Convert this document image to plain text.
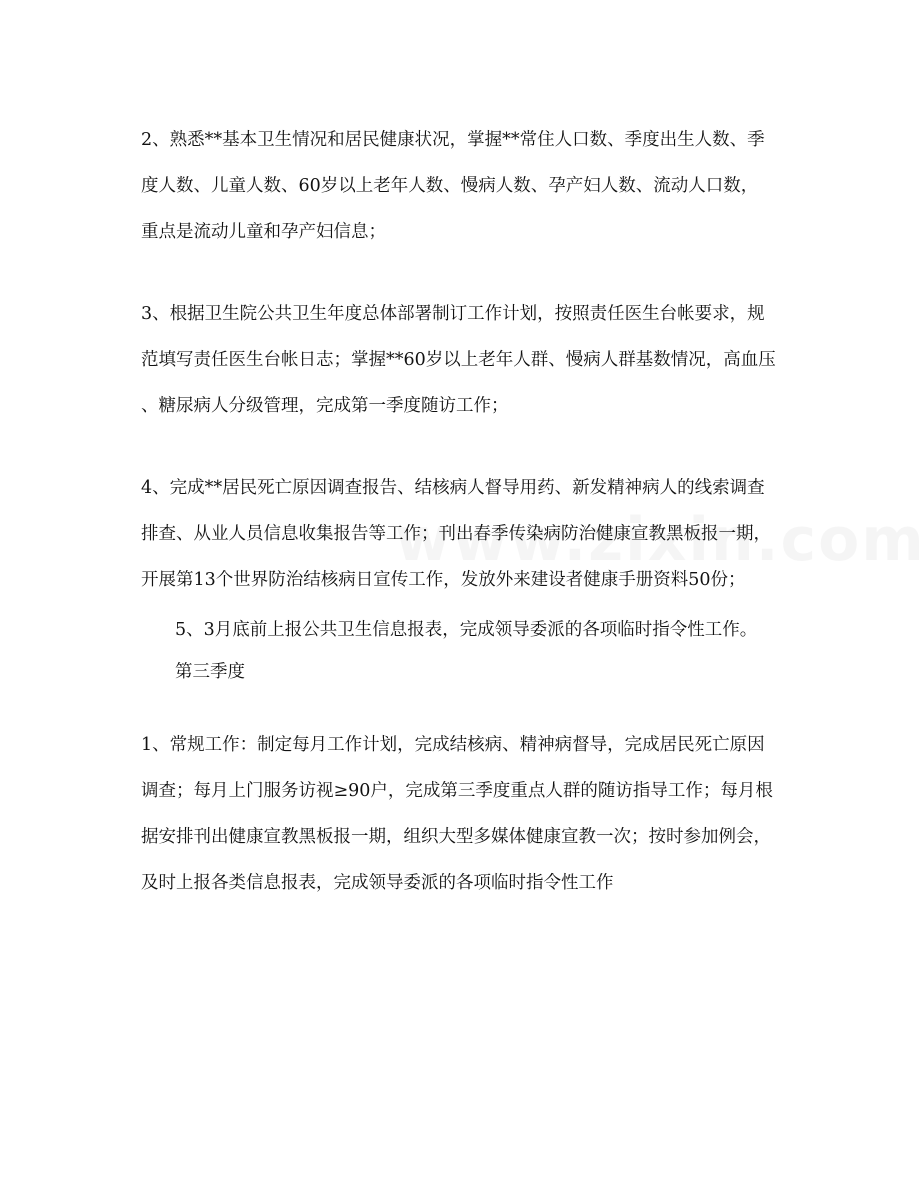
2、熟悉**基本卫生情况和居民健康状况，掌握**常住人口数、季度出生人数、季
度人数、儿童人数、60岁以上老年人数、慢病人数、孕产妇人数、流动人口数，
重点是流动儿童和孕产妇信息；
3、根据卫生院公共卫生年度总体部署制订工作计划，按照责任医生台帐要求，规
范填写责任医生台帐日志；掌握**60岁以上老年人群、慢病人群基数情况，高血压
、糖尿病人分级管理，完成第一季度随访工作；
4、完成**居民死亡原因调查报告、结核病人督导用药、新发精神病人的线索调查
排查、从业人员信息收集报告等工作；刊出春季传染病防治健康宣教黑板报一期，
开展第13个世界防治结核病日宣传工作，发放外来建设者健康手册资料50份；
5、3月底前上报公共卫生信息报表，完成领导委派的各项临时指令性工作。
第三季度
1、常规工作：制定每月工作计划，完成结核病、精神病督导，完成居民死亡原因
调查；每月上门服务访视≥90户，完成第三季度重点人群的随访指导工作；每月根
据安排刊出健康宣教黑板报一期，组织大型多媒体健康宣教一次；按时参加例会，
及时上报各类信息报表，完成领导委派的各项临时指令性工作
